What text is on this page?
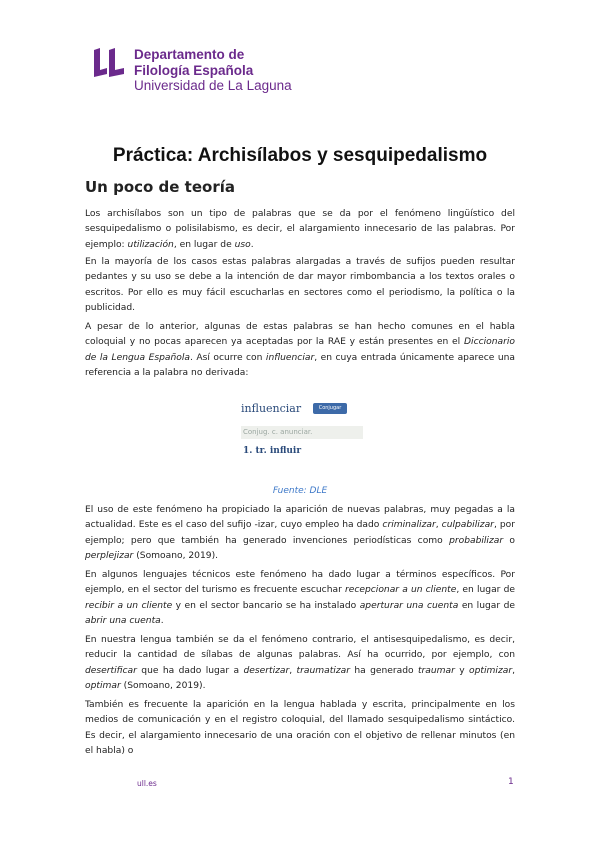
Departamento de
Filología Española
Universidad de La Laguna
Práctica: Archisílabos y sesquipedalismo
Un poco de teoría

Los archisílabos son un tipo de palabras que se da por el fenómeno lingüístico del sesquipedalismo o polisilabismo, es decir, el alargamiento innecesario de las palabras. Por ejemplo: utilización, en lugar de uso.

En la mayoría de los casos estas palabras alargadas a través de sufijos pueden resultar pedantes y su uso se debe a la intención de dar mayor rimbombancia a los textos orales o escritos. Por ello es muy fácil escucharlas en sectores como el periodismo, la política o la publicidad.

A pesar de lo anterior, algunas de estas palabras se han hecho comunes en el habla coloquial y no pocas aparecen ya aceptadas por la RAE y están presentes en el Diccionario de la Lengua Española. Así ocurre con influenciar, en cuya entrada únicamente aparece una referencia a la palabra no derivada:

influenciar	Conjugar
Conjug. c. anunciar.
1. tr. influir

Fuente: DLE

El uso de este fenómeno ha propiciado la aparición de nuevas palabras, muy pegadas a la actualidad. Este es el caso del sufijo -izar, cuyo empleo ha dado criminalizar, culpabilizar, por ejemplo; pero que también ha generado invenciones periodísticas como probabilizar o perplejizar (Somoano, 2019).

En algunos lenguajes técnicos este fenómeno ha dado lugar a términos específicos. Por ejemplo, en el sector del turismo es frecuente escuchar recepcionar a un cliente, en lugar de recibir a un cliente y en el sector bancario se ha instalado aperturar una cuenta en lugar de abrir una cuenta.

En nuestra lengua también se da el fenómeno contrario, el antisesquipedalismo, es decir, reducir la cantidad de sílabas de algunas palabras. Así ha ocurrido, por ejemplo, con desertificar que ha dado lugar a desertizar, traumatizar ha generado traumar y optimizar, optimar (Somoano, 2019).

También es frecuente la aparición en la lengua hablada y escrita, principalmente en los medios de comunicación y en el registro coloquial, del llamado sesquipedalismo sintáctico. Es decir, el alargamiento innecesario de una oración con el objetivo de rellenar minutos (en el habla) o

ull.es	1
